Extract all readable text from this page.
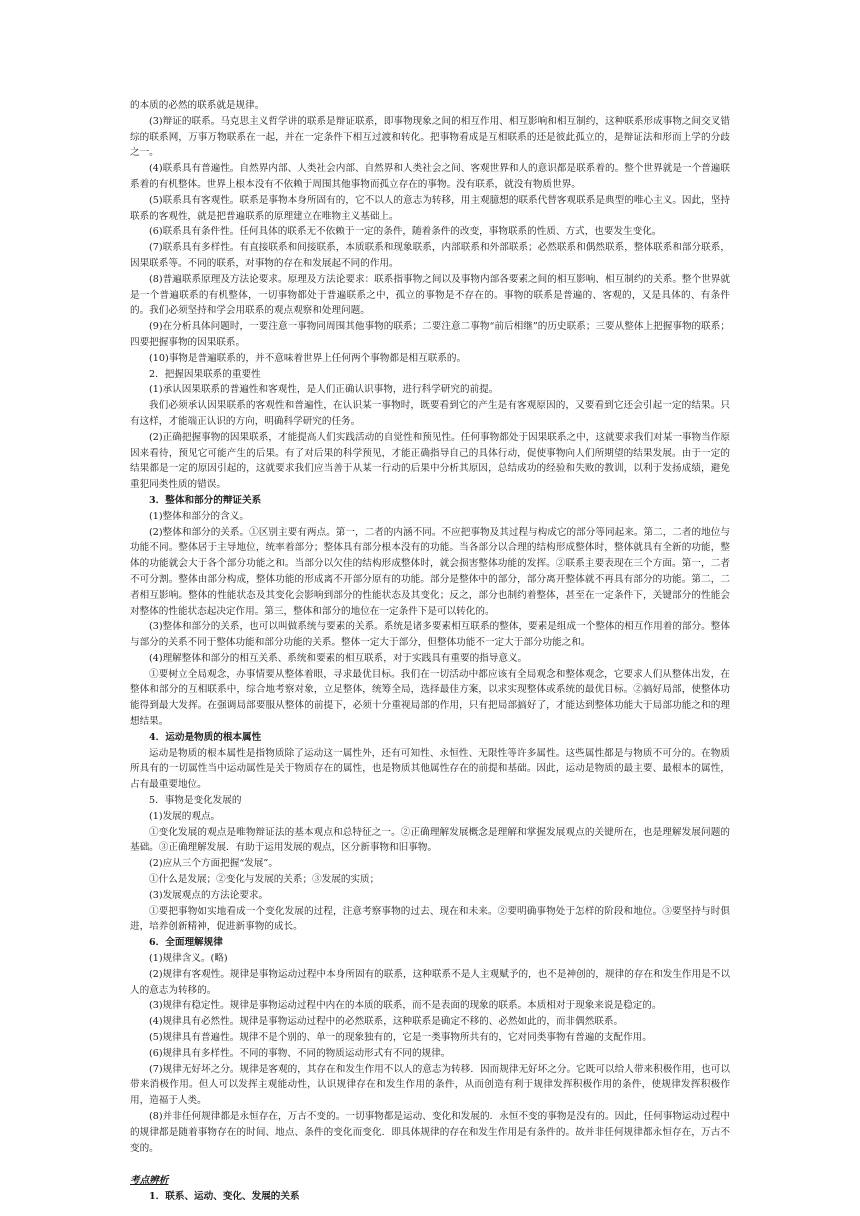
的本质的必然的联系就是规律。

(3)辩证的联系。马克思主义哲学讲的联系是辩证联系，即事物现象之间的相互作用、相互影响和相互制约，这种联系形成事物之间交叉错综的联系网，万事万物联系在一起，并在一定条件下相互过渡和转化。把事物看成是互相联系的还是彼此孤立的，是辩证法和形而上学的分歧之一。

(4)联系具有普遍性。自然界内部、人类社会内部、自然界和人类社会之间、客观世界和人的意识都是联系着的。整个世界就是一个普遍联系着的有机整体。世界上根本没有不依赖于周围其他事物而孤立存在的事物。没有联系，就没有物质世界。

(5)联系具有客观性。联系是事物本身所固有的，它不以人的意志为转移，用主观臆想的联系代替客观联系是典型的唯心主义。因此，坚持联系的客观性，就是把普遍联系的原理建立在唯物主义基础上。

(6)联系具有条件性。任何具体的联系无不依赖于一定的条件，随着条件的改变，事物联系的性质、方式，也要发生变化。

(7)联系具有多样性。有直接联系和间接联系，本质联系和现象联系，内部联系和外部联系；必然联系和偶然联系，整体联系和部分联系，因果联系等。不同的联系，对事物的存在和发展起不同的作用。

(8)普遍联系原理及方法论要求。原理及方法论要求：联系指事物之间以及事物内部各要素之间的相互影响、相互制约的关系。整个世界就是一个普遍联系的有机整体，一切事物都处于普遍联系之中，孤立的事物是不存在的。事物的联系是普遍的、客观的，又是具体的、有条件的。我们必须坚持和学会用联系的观点观察和处理问题。

(9)在分析具体问题时，一要注意一事物同周围其他事物的联系；二要注意二事物“前后相继”的历史联系；三要从整体上把握事物的联系；四要把握事物的因果联系。

(10)事物是普遍联系的，并不意味着世界上任何两个事物都是相互联系的。

2．把握因果联系的重要性

(1)承认因果联系的普遍性和客观性，是人们正确认识事物，进行科学研究的前提。

我们必须承认因果联系的客观性和普遍性，在认识某一事物时，既要看到它的产生是有客观原因的，又要看到它还会引起一定的结果。只有这样，才能端正认识的方向，明确科学研究的任务。

(2)正确把握事物的因果联系，才能提高人们实践活动的自觉性和预见性。任何事物都处于因果联系之中，这就要求我们对某一事物当作原因来看待，预见它可能产生的后果。有了对后果的科学预见，才能正确指导自己的具体行动，促使事物向人们所期望的结果发展。由于一定的结果都是一定的原因引起的，这就要求我们应当善于从某一行动的后果中分析其原因，总结成功的经验和失败的教训，以利于发扬成绩，避免重犯同类性质的错误。

3．整体和部分的辩证关系

(1)整体和部分的含义。

(2)整体和部分的关系。①区别主要有两点。第一，二者的内涵不同。不应把事物及其过程与构成它的部分等同起来。第二，二者的地位与功能不同。整体居于主导地位，统率着部分；整体具有部分根本没有的功能。当各部分以合理的结构形成整体时，整体就具有全新的功能，整体的功能就会大于各个部分功能之和。当部分以欠佳的结构形成整体时，就会损害整体功能的发挥。②联系主要表现在三个方面。第一，二者不可分割。整体由部分构成，整体功能的形成离不开部分原有的功能。部分是整体中的部分，部分离开整体就不再具有部分的功能。第二，二者相互影响。整体的性能状态及其变化会影响到部分的性能状态及其变化；反之，部分也制约着整体，甚至在一定条件下，关键部分的性能会对整体的性能状态起决定作用。第三，整体和部分的地位在一定条件下是可以转化的。

(3)整体和部分的关系，也可以叫做系统与要素的关系。系统是诸多要素相互联系的整体，要素是组成一个整体的相互作用着的部分。整体与部分的关系不同于整体功能和部分功能的关系。整体一定大于部分，但整体功能不一定大于部分功能之和。

(4)理解整体和部分的相互关系、系统和要素的相互联系，对于实践具有重要的指导意义。

①要树立全局观念，办事情要从整体着眼，寻求最优目标。我们在一切活动中都应该有全局观念和整体观念，它要求人们从整体出发，在整体和部分的互相联系中，综合地考察对象，立足整体，统筹全局，选择最佳方案，以求实现整体或系统的最优目标。②搞好局部，使整体功能得到最大发挥。在强调局部要服从整体的前提下，必须十分重视局部的作用，只有把局部搞好了，才能达到整体功能大于局部功能之和的理想结果。

4．运动是物质的根本属性

运动是物质的根本属性是指物质除了运动这一属性外，还有可知性、永恒性、无限性等许多属性。这些属性都是与物质不可分的。在物质所具有的一切属性当中运动属性是关于物质存在的属性，也是物质其他属性存在的前提和基础。因此，运动是物质的最主要、最根本的属性，占有最重要地位。

5．事物是变化发展的

(1)发展的观点。

①变化发展的观点是唯物辩证法的基本观点和总特征之一。②正确理解发展概念是理解和掌握发展观点的关键所在，也是理解发展问题的基础。③正确理解发展．有助于运用发展的观点，区分新事物和旧事物。

(2)应从三个方面把握“发展”。

①什么是发展；②变化与发展的关系；③发展的实质；

(3)发展观点的方法论要求。

①要把事物如实地看成一个变化发展的过程，注意考察事物的过去、现在和未来。②要明确事物处于怎样的阶段和地位。③要坚持与时俱进，培养创新精神，促进新事物的成长。

6．全面理解规律

(1)规律含义。(略)

(2)规律有客观性。规律是事物运动过程中本身所固有的联系，这种联系不是人主观赋予的，也不是神创的，规律的存在和发生作用是不以人的意志为转移的。

(3)规律有稳定性。规律是事物运动过程中内在的本质的联系，而不是表面的现象的联系。本质相对于现象来说是稳定的。

(4)规律具有必然性。规律是事物运动过程中的必然联系，这种联系是确定不移的、必然如此的，而非偶然联系。

(5)规律具有普遍性。规律不是个别的、单一的现象独有的，它是一类事物所共有的，它对同类事物有普遍的支配作用。

(6)规律具有多样性。不同的事物、不同的物质运动形式有不同的规律。

(7)规律无好坏之分。规律是客观的，其存在和发生作用不以人的意志为转移．因而规律无好坏之分。它既可以给人带来积极作用，也可以带来消极作用。但人可以发挥主观能动性，认识规律存在和发生作用的条件，从而创造有利于规律发挥积极作用的条件，使规律发挥积极作用，造福于人类。

(8)并非任何规律都是永恒存在，万古不变的。一切事物都是运动、变化和发展的．永恒不变的事物是没有的。因此，任何事物运动过程中的规律都是随着事物存在的时间、地点、条件的变化而变化．即具体规律的存在和发生作用是有条件的。故并非任何规律都永恒存在，万古不变的。

考点辨析

1．联系、运动、变化、发展的关系
